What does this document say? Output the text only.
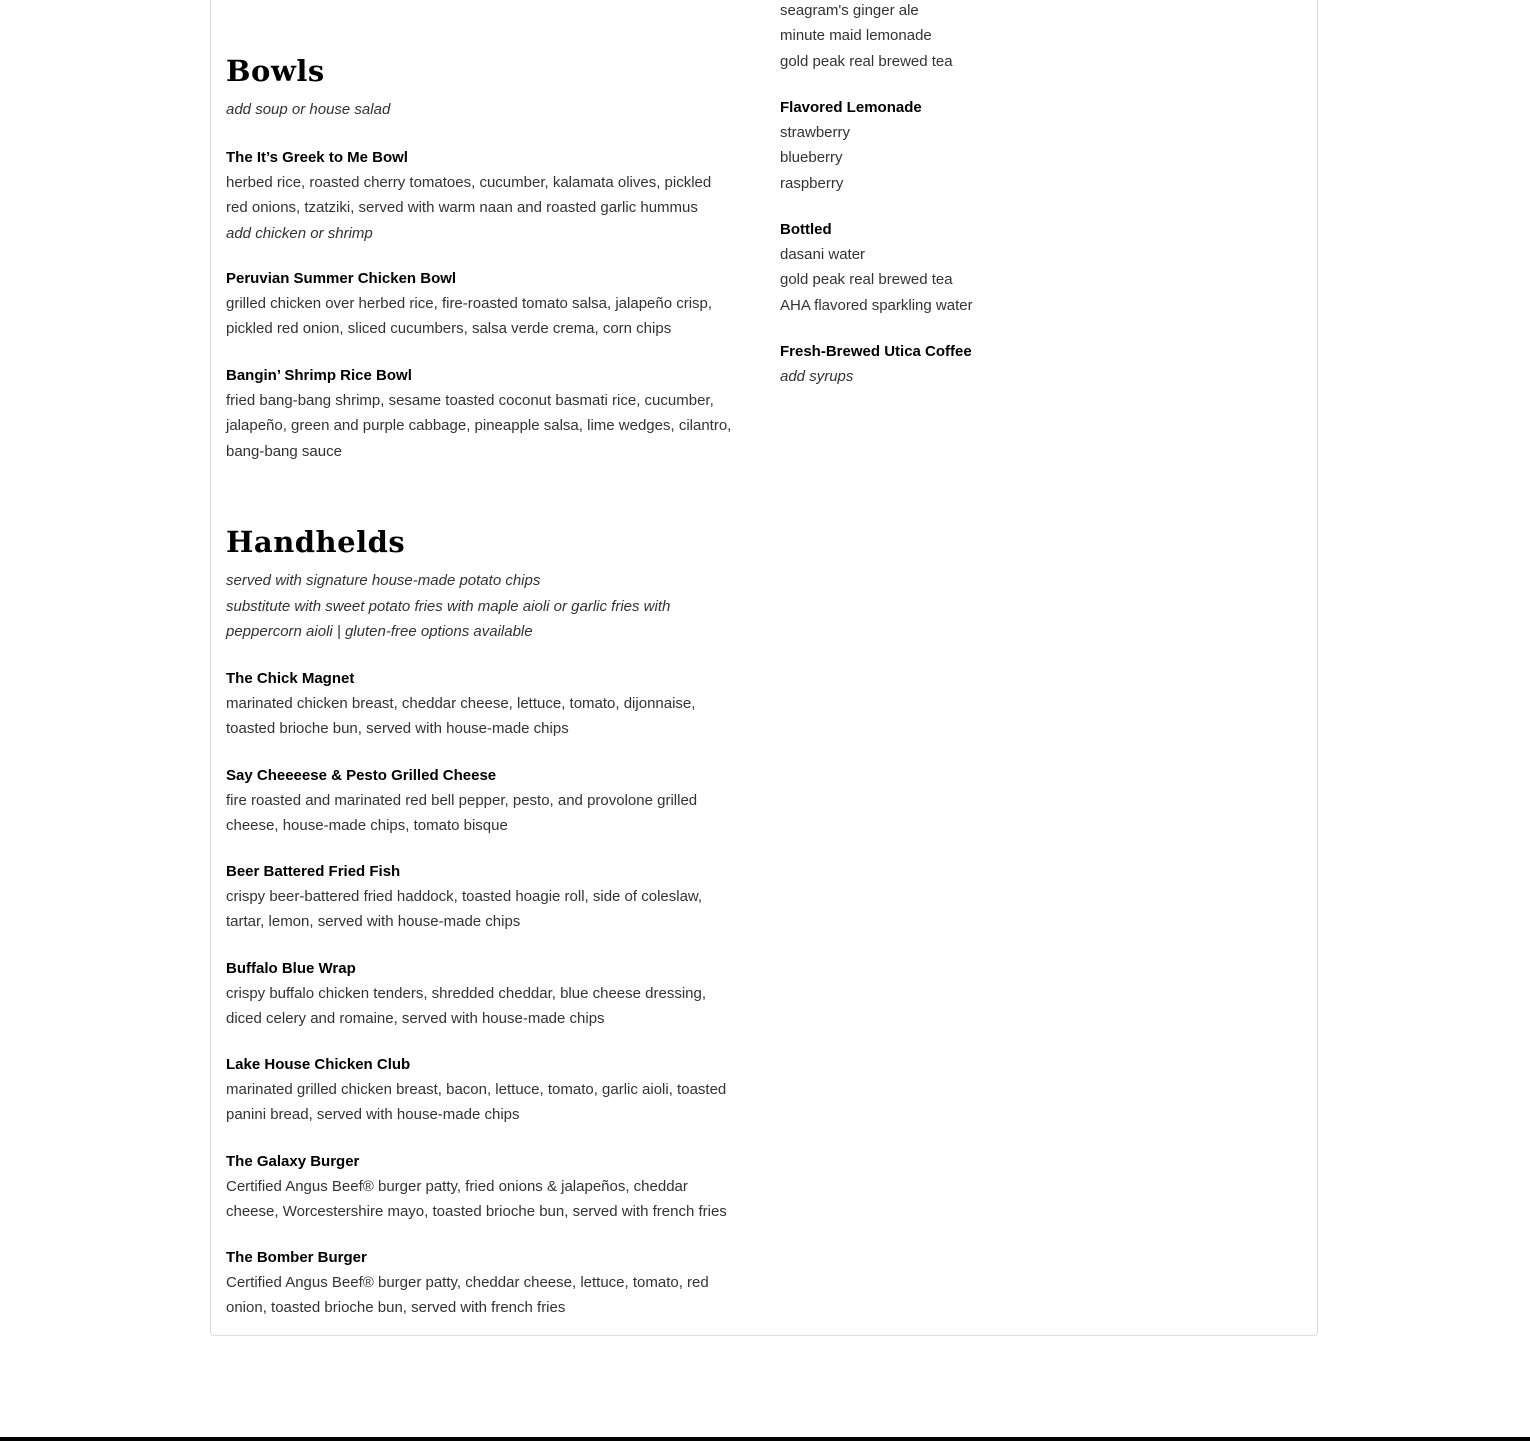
Bowls

add soup or house salad

The It’s Greek to Me Bowl

herbed rice, roasted cherry tomatoes, cucumber, kalamata olives, pickled
red onions, tzatziki, served with warm naan and roasted garlic hummus

add chicken or shrimp

Peruvian Summer Chicken Bowl

grilled chicken over herbed rice, fire-roasted tomato salsa, jalapeño crisp,
pickled red onion, sliced cucumbers, salsa verde crema, corn chips

Bangin’ Shrimp Rice Bowl

fried bang-bang shrimp, sesame toasted coconut basmati rice, cucumber,
jalapeño, green and purple cabbage, pineapple salsa, lime wedges, cilantro,
bang-bang sauce

Handhelds

served with signature house-made potato chips
substitute with sweet potato fries with maple aioli or garlic fries with
peppercorn aioli | gluten-free options available

The Chick Magnet

marinated chicken breast, cheddar cheese, lettuce, tomato, dijonnaise,
toasted brioche bun, served with house-made chips

Say Cheeeese & Pesto Grilled Cheese

fire roasted and marinated red bell pepper, pesto, and provolone grilled
cheese, house-made chips, tomato bisque

Beer Battered Fried Fish

crispy beer-battered fried haddock, toasted hoagie roll, side of coleslaw,
tartar, lemon, served with house-made chips

Buffalo Blue Wrap

crispy buffalo chicken tenders, shredded cheddar, blue cheese dressing,
diced celery and romaine, served with house-made chips

Lake House Chicken Club

marinated grilled chicken breast, bacon, lettuce, tomato, garlic aioli, toasted
panini bread, served with house-made chips

The Galaxy Burger

Certified Angus Beef® burger patty, fried onions & jalapeños, cheddar
cheese, Worcestershire mayo, toasted brioche bun, served with french fries

The Bomber Burger

Certified Angus Beef® burger patty, cheddar cheese, lettuce, tomato, red
onion, toasted brioche bun, served with french fries

seagram's ginger ale
minute maid lemonade
gold peak real brewed tea

Flavored Lemonade

strawberry
blueberry
raspberry

Bottled

dasani water
gold peak real brewed tea
AHA flavored sparkling water

Fresh-Brewed Utica Coffee

add syrups
